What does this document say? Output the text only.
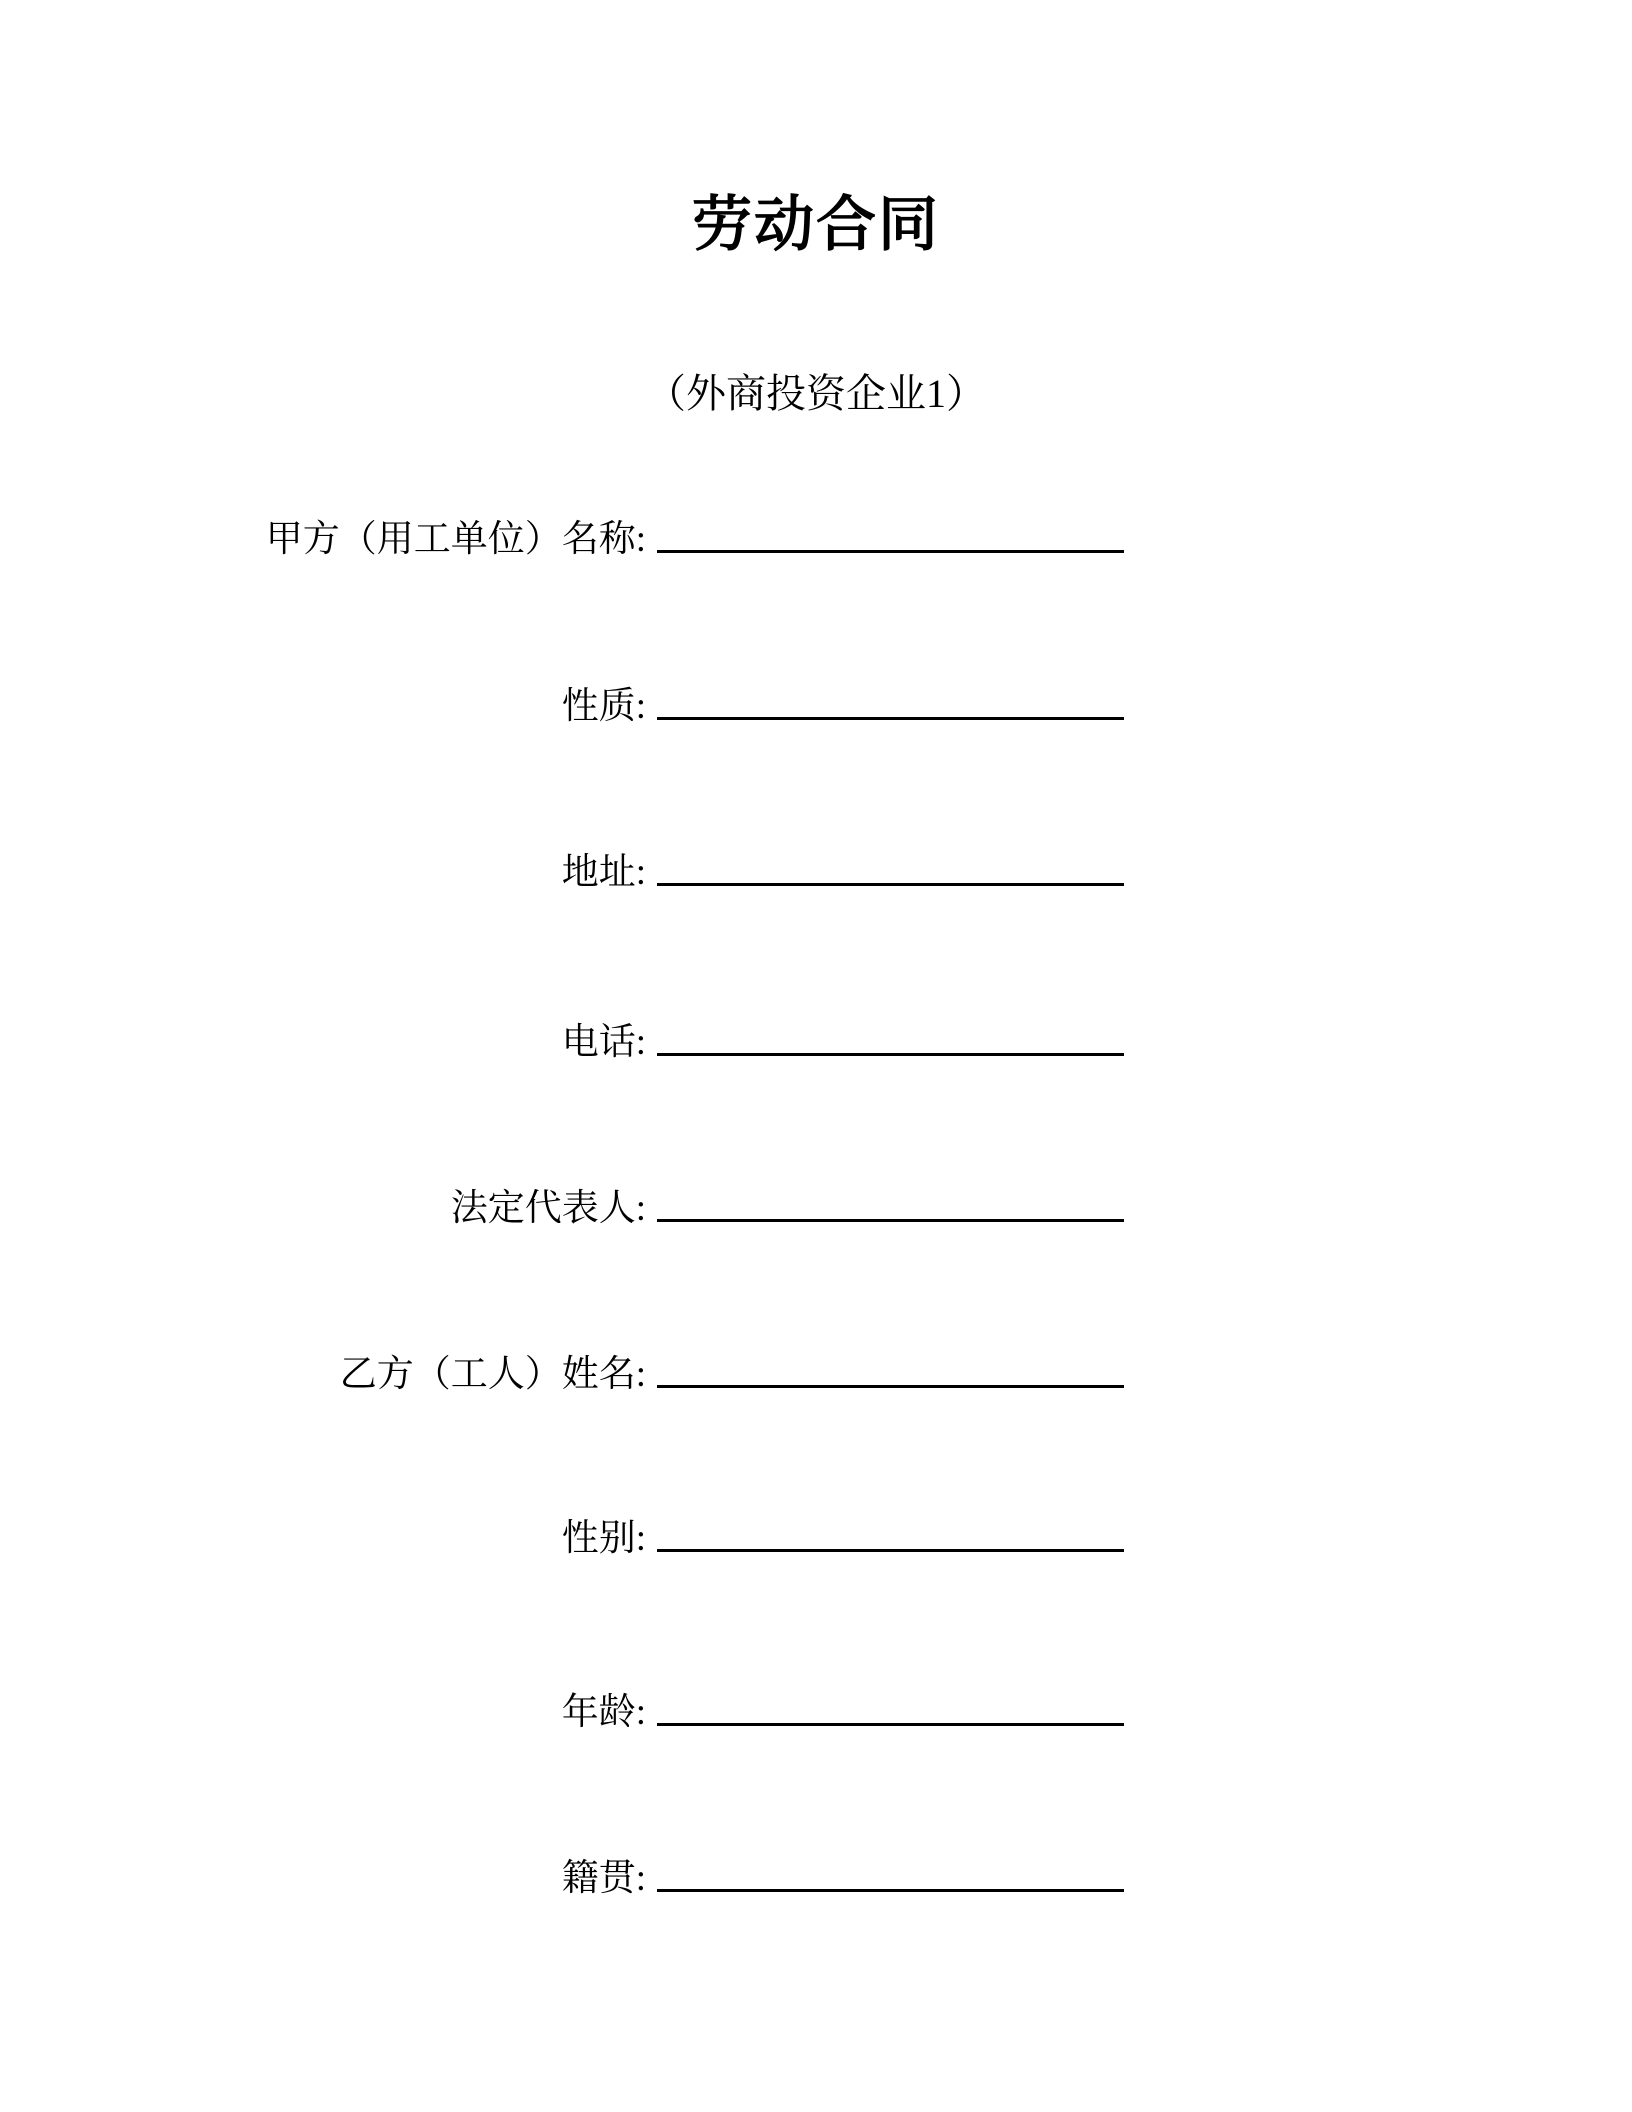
劳动合同
（外商投资企业1）
甲方（用工单位）名称:
性质:
地址:
电话:
法定代表人:
乙方（工人）姓名:
性别:
年龄:
籍贯:
